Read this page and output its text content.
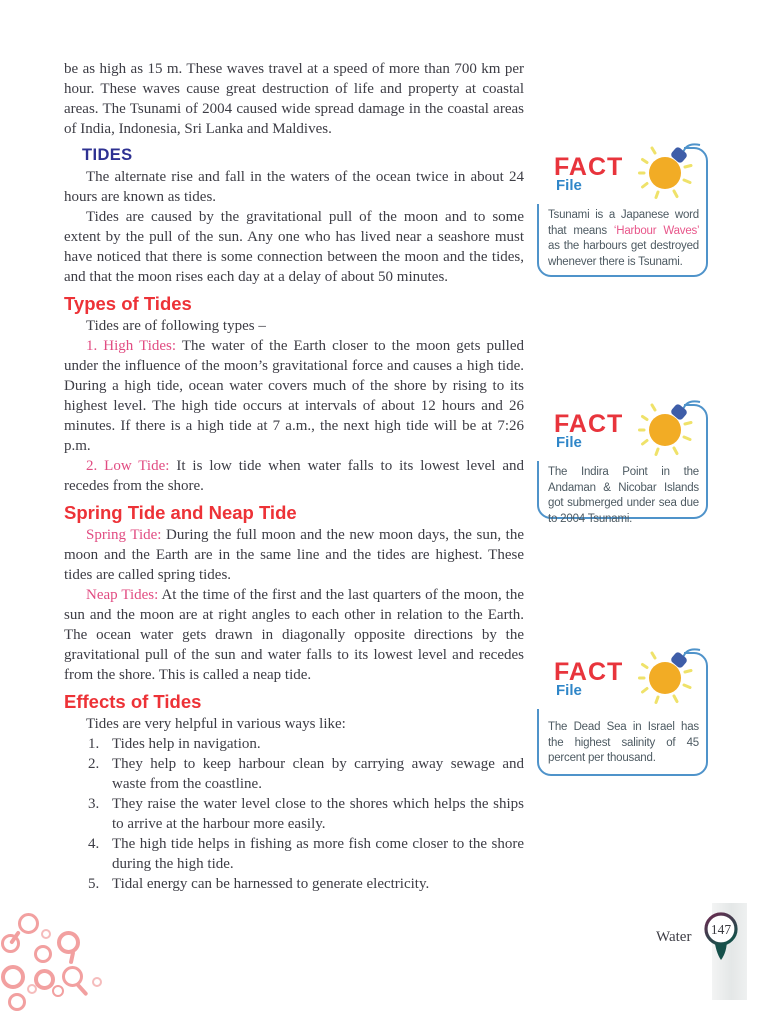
be as high as 15 m. These waves travel at a speed of more than 700 km per hour. These waves cause great destruction of life and property at coastal areas. The Tsunami of 2004 caused wide spread damage in the coastal areas of India, Indonesia, Sri Lanka and Maldives.

TIDES

The alternate rise and fall in the waters of the ocean twice in about 24 hours are known as tides.

Tides are caused by the gravitational pull of the moon and to some extent by the pull of the sun. Any one who has lived near a seashore must have noticed that there is some connection between the moon and the tides, and that the moon rises each day at a delay of about 50 minutes.

Types of Tides

Tides are of following types –

1. High Tides: The water of the Earth closer to the moon gets pulled under the influence of the moon’s gravitational force and causes a high tide. During a high tide, ocean water covers much of the shore by rising to its highest level. The high tide occurs at intervals of about 12 hours and 26 minutes. If there is a high tide at 7 a.m., the next high tide will be at 7:26 p.m.

2. Low Tide: It is low tide when water falls to its lowest level and recedes from the shore.

Spring Tide and Neap Tide

Spring Tide: During the full moon and the new moon days, the sun, the moon and the Earth are in the same line and the tides are highest. These tides are called spring tides.

Neap Tides: At the time of the first and the last quarters of the moon, the sun and the moon are at right angles to each other in relation to the Earth. The ocean water gets drawn in diagonally opposite directions by the gravitational pull of the sun and water falls to its lowest level and recedes from the shore. This is called a neap tide.

Effects of Tides

Tides are very helpful in various ways like:

Tides help in navigation.
They help to keep harbour clean by carrying away sewage and waste from the coastline.
They raise the water level close to the shores which helps the ships to arrive at the harbour more easily.
The high tide helps in fishing as more fish come closer to the shore during the high tide.
Tidal energy can be harnessed to generate electricity.
FACT
File
Tsunami is a Japanese word that means ‘Harbour Waves’ as the harbours get destroyed whenever there is Tsunami.
FACT
File
The Indira Point in the Andaman & Nicobar Islands got submerged under sea due to 2004 Tsunami.
FACT
File
The Dead Sea in Israel has the highest salinity of 45 percent per thousand.
Water 147
